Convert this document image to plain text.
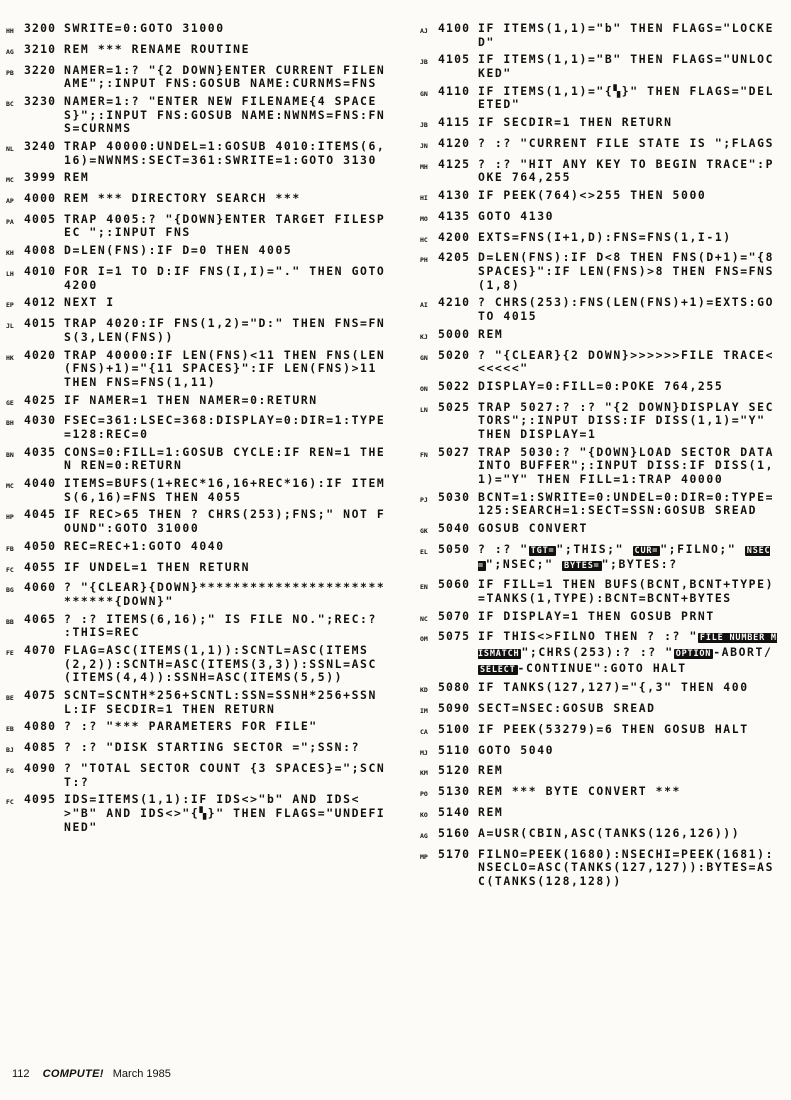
HH 3200 SWRITE=0:GOTO 31000
AG 3210 REM *** RENAME ROUTINE
PB 3220 NAMER=1:? "{2 DOWN}ENTER CURRENT FILENAME";:INPUT FNS:GOSUB NAME:CURNMS=FNS
BC 3230 NAMER=1:? "ENTER NEW FILENAME{4 SPACES}";:INPUT FNS:GOSUB NAME:NWNMS=FNS:FNS=CURNMS
NL 3240 TRAP 40000:UNDEL=1:GOSUB 4010:ITEMS(6,16)=NWNMS:SECT=361:SWRITE=1:GOTO 3130
MC 3999 REM
AP 4000 REM *** DIRECTORY SEARCH ***
PA 4005 TRAP 4005:? "{DOWN}ENTER TARGET FILESPEC ";:INPUT FNS
KH 4008 D=LEN(FNS):IF D=0 THEN 4005
LH 4010 FOR I=1 TO D:IF FNS(I,I)="." THEN GOTO 4200
EP 4012 NEXT I
JL 4015 TRAP 4020:IF FNS(1,2)="D:" THEN FNS=FNS(3,LEN(FNS))
HK 4020 TRAP 40000:IF LEN(FNS)<11 THEN FNS(LEN(FNS)+1)="{11 SPACES}":IF LEN(FNS)>11 THEN FNS=FNS(1,11)
GE 4025 IF NAMER=1 THEN NAMER=0:RETURN
BH 4030 FSEC=361:LSEC=368:DISPLAY=0:DIR=1:TYPE=128:REC=0
BN 4035 CONS=0:FILL=1:GOSUB CYCLE:IF REN=1 THEN REN=0:RETURN
MC 4040 ITEMS=BUFS(1+REC*16,16+REC*16):IF ITEMS(6,16)=FNS THEN 4055
HP 4045 IF REC>65 THEN ? CHRS(253);FNS;" NOT FOUND":GOTO 31000
FB 4050 REC=REC+1:GOTO 4040
FC 4055 IF UNDEL=1 THEN RETURN
BG 4060 ? "{CLEAR}{DOWN}****************************{DOWN}"
BB 4065 ? :? ITEMS(6,16);" IS FILE NO.";REC:? :THIS=REC
FE 4070 FLAG=ASC(ITEMS(1,1)):SCNTL=ASC(ITEMS(2,2)):SCNTH=ASC(ITEMS(3,3)):SSNL=ASC(ITEMS(4,4)):SSNH=ASC(ITEMS(5,5))
BE 4075 SCNT=SCNTH*256+SCNTL:SSN=SSNH*256+SSNL:IF SECDIR=1 THEN RETURN
EB 4080 ? :? "*** PARAMETERS FOR FILE"
BJ 4085 ? :? "DISK STARTING SECTOR =";SSN:?
FG 4090 ? "TOTAL SECTOR COUNT {3 SPACES}=";SCNT:?
FC 4095 IDS=ITEMS(1,1):IF IDS<>"b" AND IDS<>"B" AND IDS<>"{▚}" THEN FLAGS="UNDEFINED"
AJ 4100 IF ITEMS(1,1)="b" THEN FLAGS="LOCKED"
JB 4105 IF ITEMS(1,1)="B" THEN FLAGS="UNLOCKED"
GN 4110 IF ITEMS(1,1)="{▚}" THEN FLAGS="DELETED"
JB 4115 IF SECDIR=1 THEN RETURN
JN 4120 ? :? "CURRENT FILE STATE IS ";FLAGS
MH 4125 ? :? "HIT ANY KEY TO BEGIN TRACE":POKE 764,255
HI 4130 IF PEEK(764)<>255 THEN 5000
MO 4135 GOTO 4130
HC 4200 EXTS=FNS(I+1,D):FNS=FNS(1,I-1)
PH 4205 D=LEN(FNS):IF D<8 THEN FNS(D+1)="{8 SPACES}":IF LEN(FNS)>8 THEN FNS=FNS(1,8)
AI 4210 ? CHRS(253):FNS(LEN(FNS)+1)=EXTS:GOTO 4015
KJ 5000 REM
GN 5020 ? "{CLEAR}{2 DOWN}>>>>>>FILE TRACE<<<<<<"
ON 5022 DISPLAY=0:FILL=0:POKE 764,255
LN 5025 TRAP 5027:? :? "{2 DOWN}DISPLAY SECTORS";:INPUT DISS:IF DISS(1,1)="Y" THEN DISPLAY=1
FN 5027 TRAP 5030:? "{DOWN}LOAD SECTOR DATA INTO BUFFER";:INPUT DISS:IF DISS(1,1)="Y" THEN FILL=1:TRAP 40000
PJ 5030 BCNT=1:SWRITE=0:UNDEL=0:DIR=0:TYPE=125:SEARCH=1:SECT=SSN:GOSUB SREAD
GK 5040 GOSUB CONVERT
EL 5050 ? :? " TGT= ";THIS;" CUR= ";FILNO;" NSEC= ";NSEC;" BYTES= ";BYTES:?
EN 5060 IF FILL=1 THEN BUFS(BCNT,BCNT+TYPE)=TANKS(1,TYPE):BCNT=BCNT+BYTES
NC 5070 IF DISPLAY=1 THEN GOSUB PRNT
OM 5075 IF THIS<>FILNO THEN ? :? " FILE NUMBER MISMATCH ";CHRS(253):? :? " OPTION -ABORT/SELECT -CONTINUE":GOTO HALT
KD 5080 IF TANKS(127,127)="{,3" THEN 400
IM 5090 SECT=NSEC:GOSUB SREAD
CA 5100 IF PEEK(53279)=6 THEN GOSUB HALT
MJ 5110 GOTO 5040
KM 5120 REM
PO 5130 REM *** BYTE CONVERT ***
KO 5140 REM
AG 5160 A=USR(CBIN,ASC(TANKS(126,126)))
MP 5170 FILNO=PEEK(1680):NSECHI=PEEK(1681):NSECLO=ASC(TANKS(127,127)):BYTES=ASC(TANKS(128,128))
112 COMPUTE! March 1985
